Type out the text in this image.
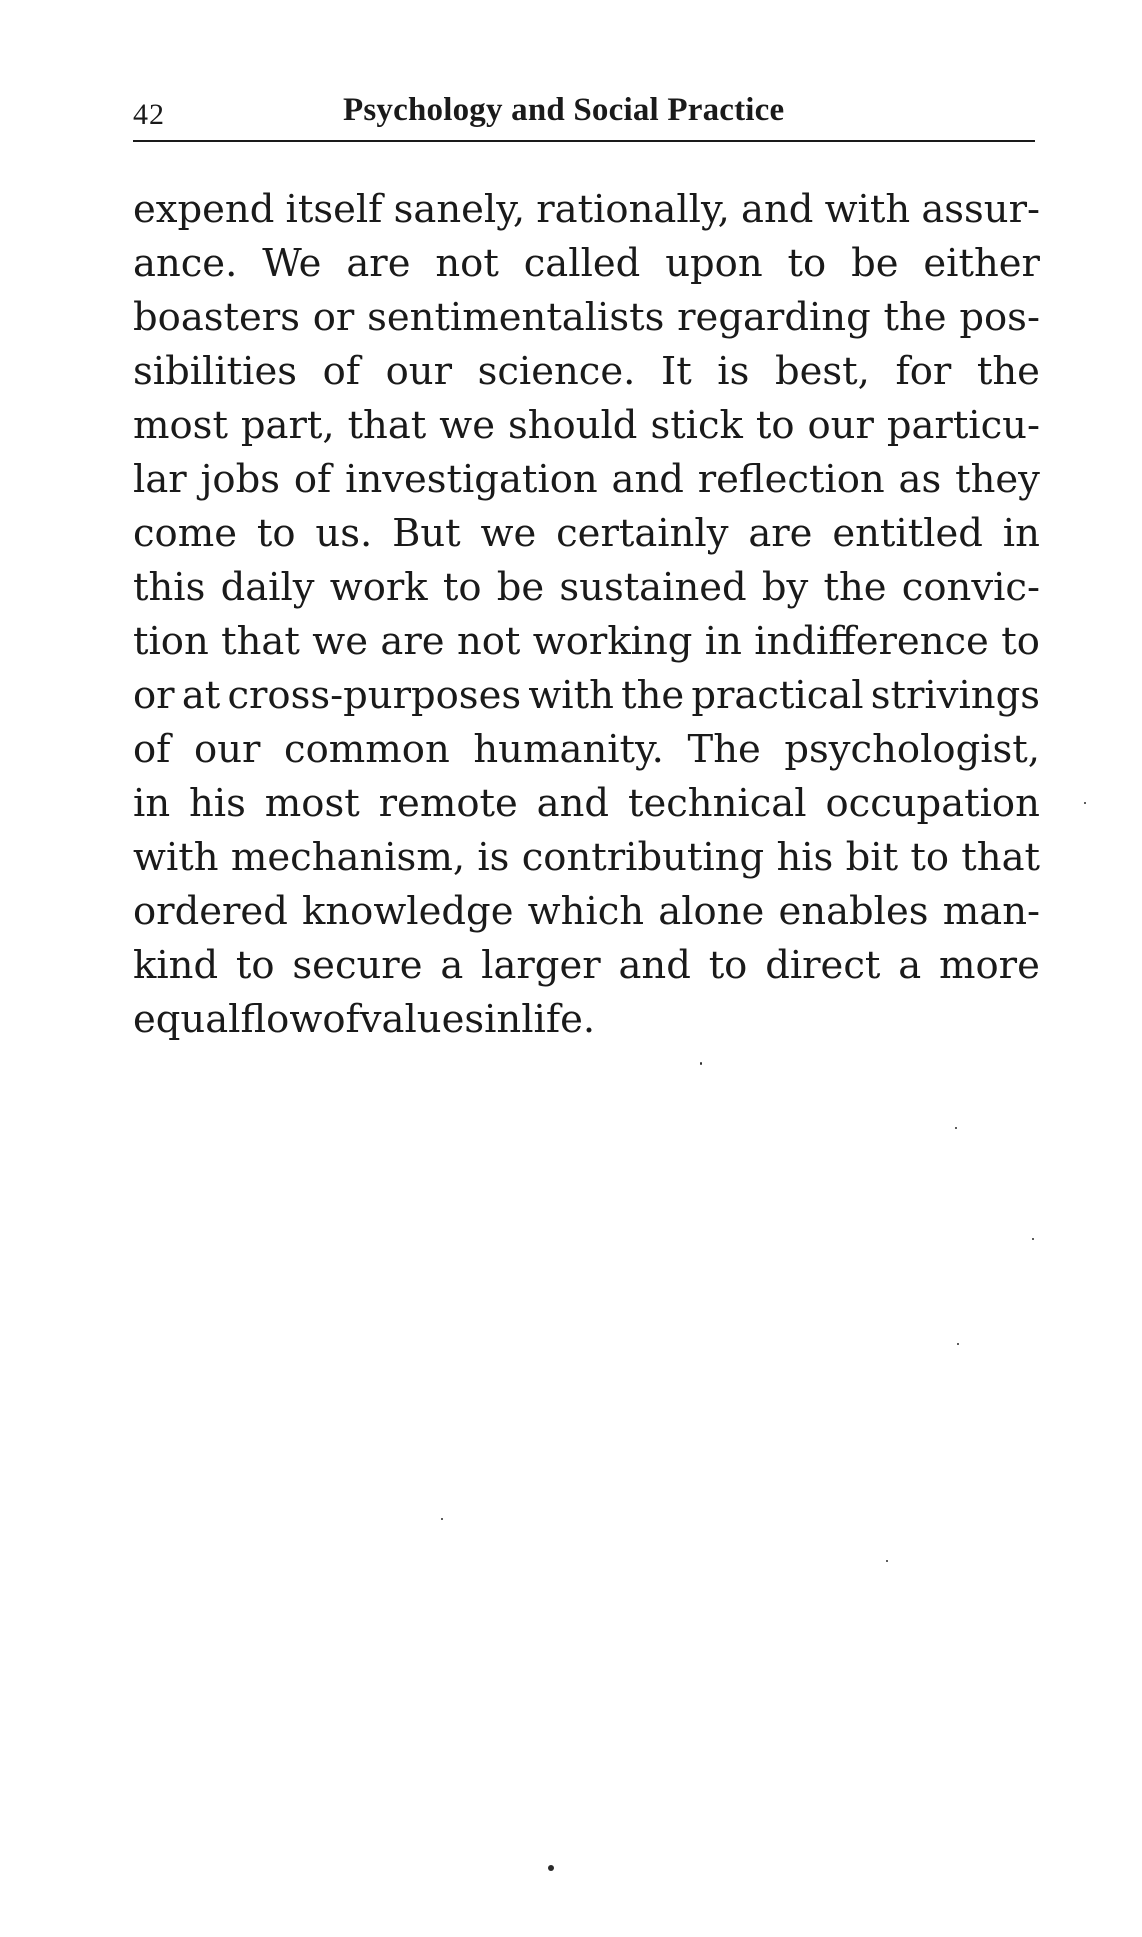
42	Psychology and Social Practice
expend itself sanely, rationally, and with assur-
ance. We are not called upon to be either
boasters or sentimentalists regarding the pos-
sibilities of our science. It is best, for the
most part, that we should stick to our particu-
lar jobs of investigation and reflection as they
come to us. But we certainly are entitled in
this daily work to be sustained by the convic-
tion that we are not working in indifference to
or at cross-purposes with the practical strivings
of our common humanity. The psychologist,
in his most remote and technical occupation
with mechanism, is contributing his bit to that
ordered knowledge which alone enables man-
kind to secure a larger and to direct a more
equal flow of values in life.
